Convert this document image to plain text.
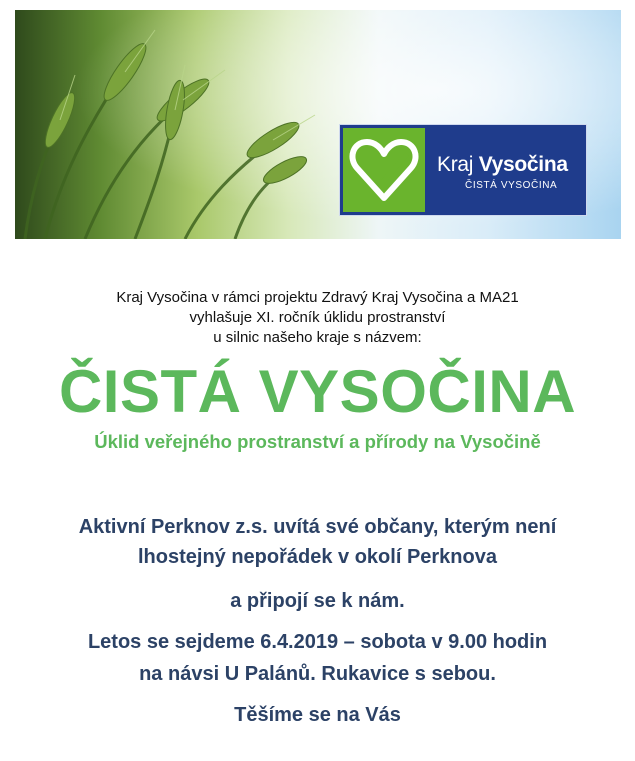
Kraj Vysočina
ČISTÁ VYSOČINA
Kraj Vysočina v rámci projektu Zdravý Kraj Vysočina a MA21
vyhlašuje XI. ročník úklidu prostranství
u silnic našeho kraje s názvem:
ČISTÁ VYSOČINA
Úklid veřejného prostranství a přírody na Vysočině
Aktivní Perknov z.s. uvítá své občany, kterým není
lhostejný nepořádek v okolí Perknova
a připojí se k nám.
Letos se sejdeme 6.4.2019 – sobota v 9.00 hodin
na návsi U Palánů. Rukavice s sebou.
Těšíme se na Vás
